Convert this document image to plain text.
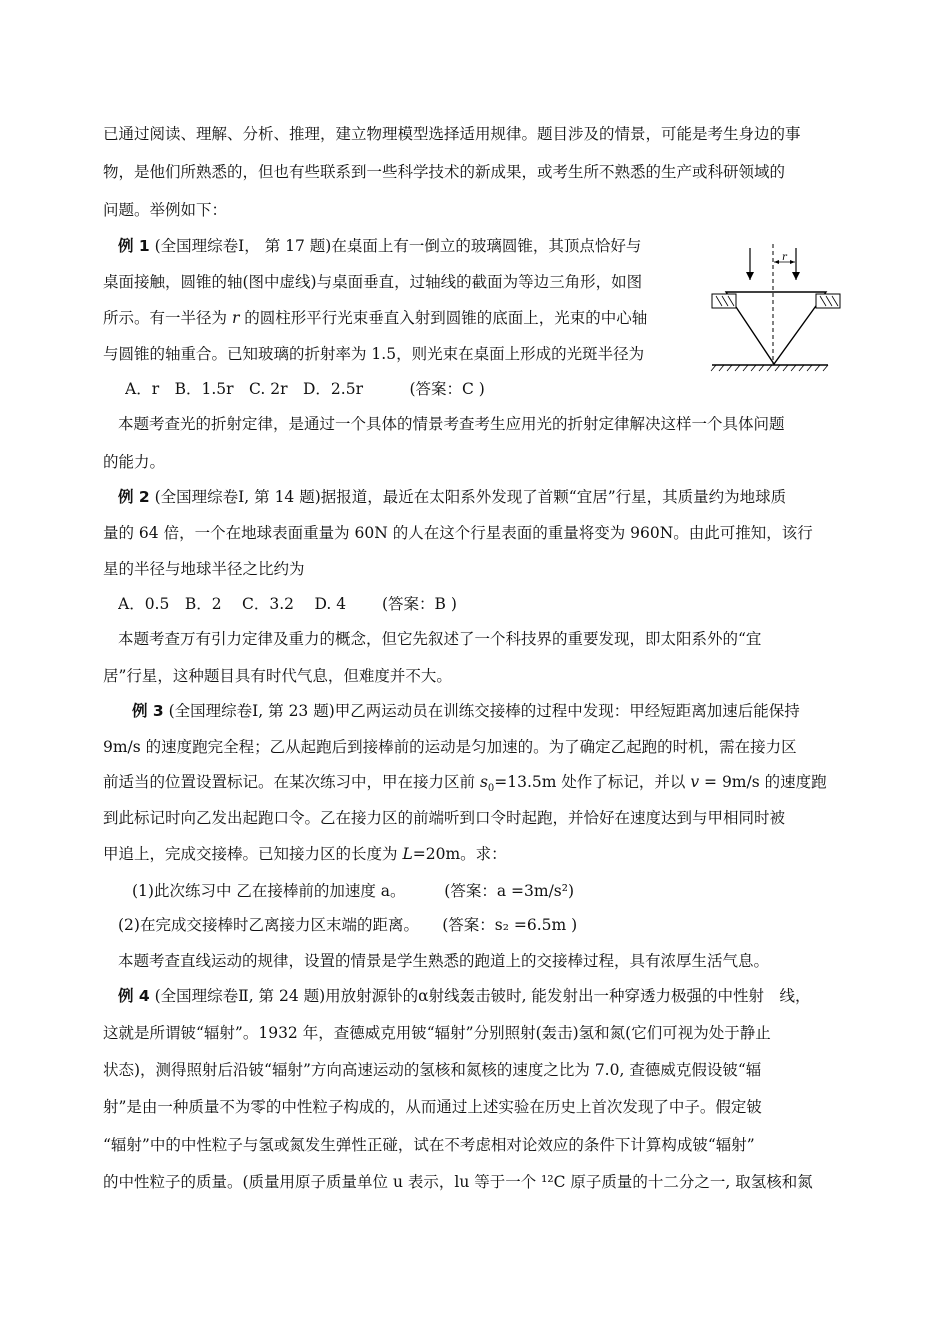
已通过阅读、理解、分析、推理，建立物理模型选择适用规律。题目涉及的情景，可能是考生身边的事
物，是他们所熟悉的，但也有些联系到一些科学技术的新成果，或考生所不熟悉的生产或科研领域的
问题。举例如下：
例 1 (全国理综卷Ⅰ， 第 17 题)在桌面上有一倒立的玻璃圆锥，其顶点恰好与
桌面接触，圆锥的轴(图中虚线)与桌面垂直，过轴线的截面为等边三角形，如图
所示。有一半径为 r 的圆柱形平行光束垂直入射到圆锥的底面上，光束的中心轴
与圆锥的轴重合。已知玻璃的折射率为 1.5，则光束在桌面上形成的光斑半径为
A．r　B．1.5r　C. 2r　D．2.5r　　　(答案：C )
本题考查光的折射定律，是通过一个具体的情景考查考生应用光的折射定律解决这样一个具体问题
的能力。
r
例 2 (全国理综卷Ⅰ, 第 14 题)据报道，最近在太阳系外发现了首颗“宜居”行星，其质量约为地球质
量的 64 倍，一个在地球表面重量为 60N 的人在这个行星表面的重量将变为 960N。由此可推知，该行
星的半径与地球半径之比约为
A．0.5　B．2　 C．3.2　 D. 4　　 (答案：B )
本题考查万有引力定律及重力的概念，但它先叙述了一个科技界的重要发现，即太阳系外的“宜
居”行星，这种题目具有时代气息，但难度并不大。
例 3 (全国理综卷Ⅰ, 第 23 题)甲乙两运动员在训练交接棒的过程中发现：甲经短距离加速后能保持
9m/s 的速度跑完全程；乙从起跑后到接棒前的运动是匀加速的。为了确定乙起跑的时机，需在接力区
前适当的位置设置标记。在某次练习中，甲在接力区前 $s_0=13.5m$ 处作了标记，并以 v = 9m/s 的速度跑
到此标记时向乙发出起跑口令。乙在接力区的前端听到口令时起跑，并恰好在速度达到与甲相同时被
甲追上，完成交接棒。已知接力区的长度为 L=20m。求：
(1)此次练习中 乙在接棒前的加速度 a。　　　(答案：a =3m/s²)
(2)在完成交接棒时乙离接力区末端的距离。　　(答案：s₂ =6.5m )
本题考查直线运动的规律，设置的情景是学生熟悉的跑道上的交接棒过程，具有浓厚生活气息。
例 4 (全国理综卷Ⅱ, 第 24 题)用放射源钋的α射线轰击铍时, 能发射出一种穿透力极强的中性射　线，
这就是所谓铍“辐射”。1932 年，查德威克用铍“辐射”分别照射(轰击)氢和氮(它们可视为处于静止
状态)，测得照射后沿铍“辐射”方向高速运动的氢核和氮核的速度之比为 7.0, 查德威克假设铍“辐
射”是由一种质量不为零的中性粒子构成的，从而通过上述实验在历史上首次发现了中子。假定铍
“辐射”中的中性粒子与氢或氮发生弹性正碰，试在不考虑相对论效应的条件下计算构成铍“辐射”
的中性粒子的质量。(质量用原子质量单位 u 表示，lu 等于一个 ¹²C 原子质量的十二分之一, 取氢核和氮
